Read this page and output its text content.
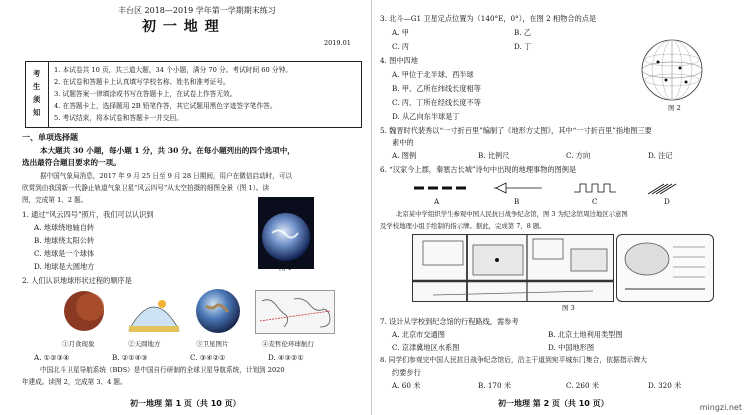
丰台区 2018—2019 学年第一学期期末练习
初 一 地 理
2019.01
考
生
须
知
1. 本试卷共 10 页，共三道大题，34 个小题，满分 70 分。考试时间 60 分钟。
2. 在试卷和答题卡上认真填写学校名称、姓名和准考证号。
3. 试题答案一律填涂或书写在答题卡上，在试卷上作答无效。
4. 在答题卡上，选择题用 2B 铅笔作答，其它试题用黑色字迹签字笔作答。
5. 考试结束，将本试卷和答题卡一并交回。
一、单项选择题
本大题共 30 小题，每小题 1 分，共 30 分。在每小题列出的四个选项中，
选出最符合题目要求的一项。
据中国气象局消息，2017 年 9 月 25 日至 9 月 28 日期间，用户在微信启动时，可以
欣赏到由我国新一代静止轨道气象卫星“风云四号”从太空拍摄的细图全景（图 1）。读
图，完成第 1、2 题。
1. 通过“风云四号”照片，我们可以认识到
A. 地球绕地轴自转
B. 地球绕太阳公转
C. 地球是一个球体
D. 地球是大圆地方	图 1
2. 人们认识地球形状过程的顺序是
①月食现象	②天圆地方	③卫星图片	④麦哲伦环球航行
A. ①②③④	B. ②①④③	C. ③④②①	D. ④③②①
中国北斗卫星导航系统（BDS）是中国自行研制的全球卫星导航系统，计划到 2020
年建成。读图 2，完成第 3、4 题。
初一地理 第 1 页（共 10 页）
3. 北斗—G1 卫星定点位置为（140°E，0°），在图 2 相物合的点是
A. 甲	B. 乙
C. 丙	D. 丁
图 2
4. 图中四地
A. 甲位于北半球、西半球
B. 甲、乙所在纬线长度相等
C. 丙、丁所在经线长度不等
D. 从乙向东半球是丁
5. 魏晋时代裴秀以“一寸折百里”编制了《地形方丈图》，其中“一寸折百里”指地图三要
素中的
A. 图例	B. 比例尺	C. 方向	D. 注记
6. “汉家今上郡，秦塞古长城”诗句中出现的地理事物的图例是
A	B	C	D
北京某中学组织学生参观中国人民抗日战争纪念馆，图 3 为纪念馆周边地区示意图
及学校地理小组手绘制的指示牌。据此，完成第 7、8 题。
图 3
7. 设计从学校到纪念馆的行程路线，需参考
A. 北京市交通图	B. 北京土地利用类型图
C. 京津冀地区水系图	D. 中国地形图
8. 同学们参观完中国人民抗日战争纪念馆后，沿主干道到宛平城东门集合，依据指示牌大
约要步行
A. 60 米	B. 170 米	C. 260 米	D. 320 米
初一地理 第 2 页（共 10 页）	mingzi.net
